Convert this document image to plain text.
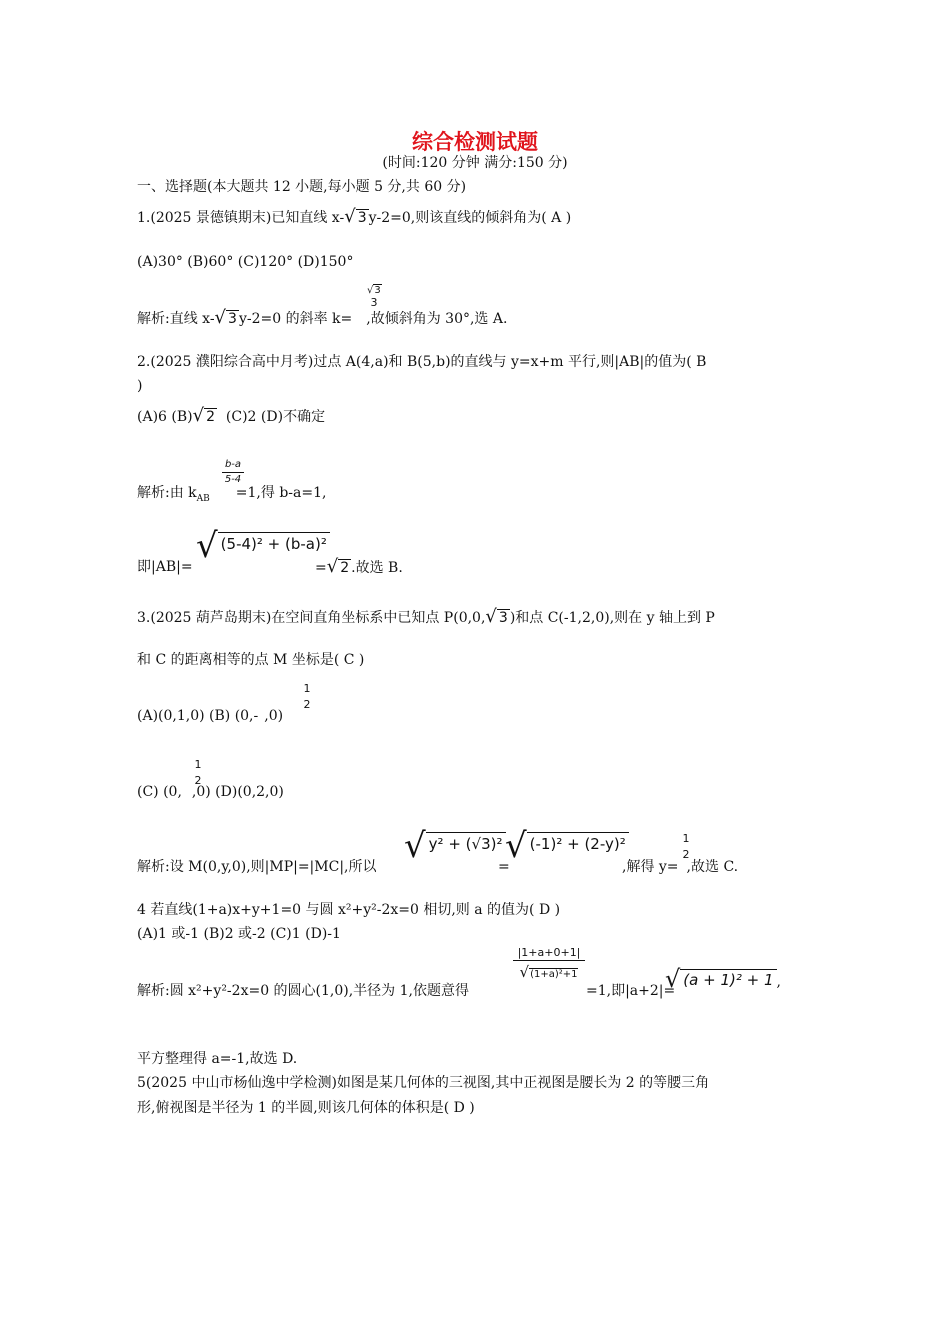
综合检测试题
(时间:120 分钟 满分:150 分)
一、选择题(本大题共 12 小题,每小题 5 分,共 60 分)
1.(2025 景德镇期末)已知直线 x-√ 3 y-2=0,则该直线的倾斜角为( A )
(A)30° (B)60° (C)120° (D)150°
解析:直线 x-√ 3 y-2=0 的斜率 k= ,故倾斜角为 30°,选 A.
√3
3
2.(2025 濮阳综合高中月考)过点 A(4,a)和 B(5,b)的直线与 y=x+m 平行,则|AB|的值为( B
)
(A)6 (B)√ 2 (C)2 (D)不确定
b-a
5-4
解析:由 $k_{AB} =1$,得 b-a=1,
即|AB|=
√ (5-4)² + (b-a)²
=√ 2 .故选 B.
3.(2025 葫芦岛期末)在空间直角坐标系中已知点 P(0,0,√ 3 )和点 C(-1,2,0),则在 y 轴上到 P
和 C 的距离相等的点 M 坐标是( C )
(A)(0,1,0) (B) (0,- ,0)
1
2
(C) (0, ,0) (D)(0,2,0)
1
2
解析:设 M(0,y,0),则|MP|=|MC|,所以
√ y² + (√3)²
=
√ (-1)² + (2-y)²
,解得 y= ,故选 C.
1
2
4 若直线(1+a)x+y+1=0 与圆 x²+y²-2x=0 相切,则 a 的值为( D )
(A)1 或-1 (B)2 或-2 (C)1 (D)-1
解析:圆 x²+y²-2x=0 的圆心(1,0),半径为 1,依题意得
$\frac{|1+a+0+1|}{\text{√(1+a)²+1}}$
=1,即|a+2|=
√ (a + 1)² + 1 ,
平方整理得 a=-1,故选 D.
5(2025 中山市杨仙逸中学检测)如图是某几何体的三视图,其中正视图是腰长为 2 的等腰三角
形,俯视图是半径为 1 的半圆,则该几何体的体积是( D )
